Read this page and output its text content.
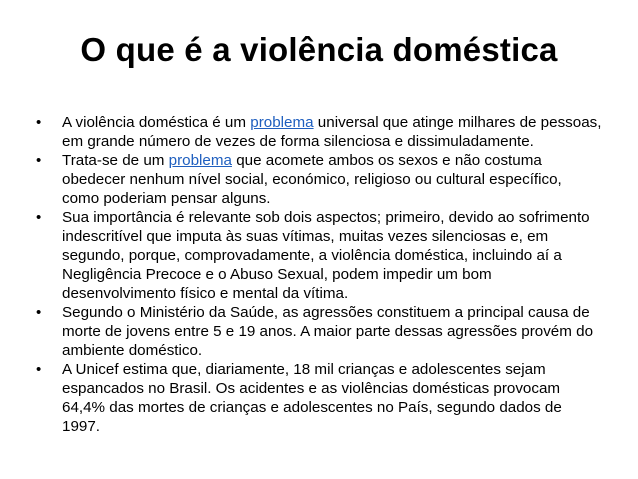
O que é a violência doméstica
•	A violência doméstica é um problema universal que atinge milhares de pessoas, em grande número de vezes de forma silenciosa e dissimuladamente.
•	Trata-se de um problema que acomete ambos os sexos e não costuma obedecer nenhum nível social, económico, religioso ou cultural específico, como poderiam pensar alguns.
•	Sua importância é relevante sob dois aspectos; primeiro, devido ao sofrimento indescritível que imputa às suas vítimas, muitas vezes silenciosas e, em segundo, porque, comprovadamente, a violência doméstica, incluindo aí a Negligência Precoce e o Abuso Sexual, podem impedir um bom desenvolvimento físico e mental da vítima.
•	Segundo o Ministério da Saúde, as agressões constituem a principal causa de morte de jovens entre 5 e 19 anos. A maior parte dessas agressões provém do ambiente doméstico.
•	A Unicef estima que, diariamente, 18 mil crianças e adolescentes sejam espancados no Brasil. Os acidentes e as violências domésticas provocam 64,4% das mortes de crianças e adolescentes no País, segundo dados de 1997.
